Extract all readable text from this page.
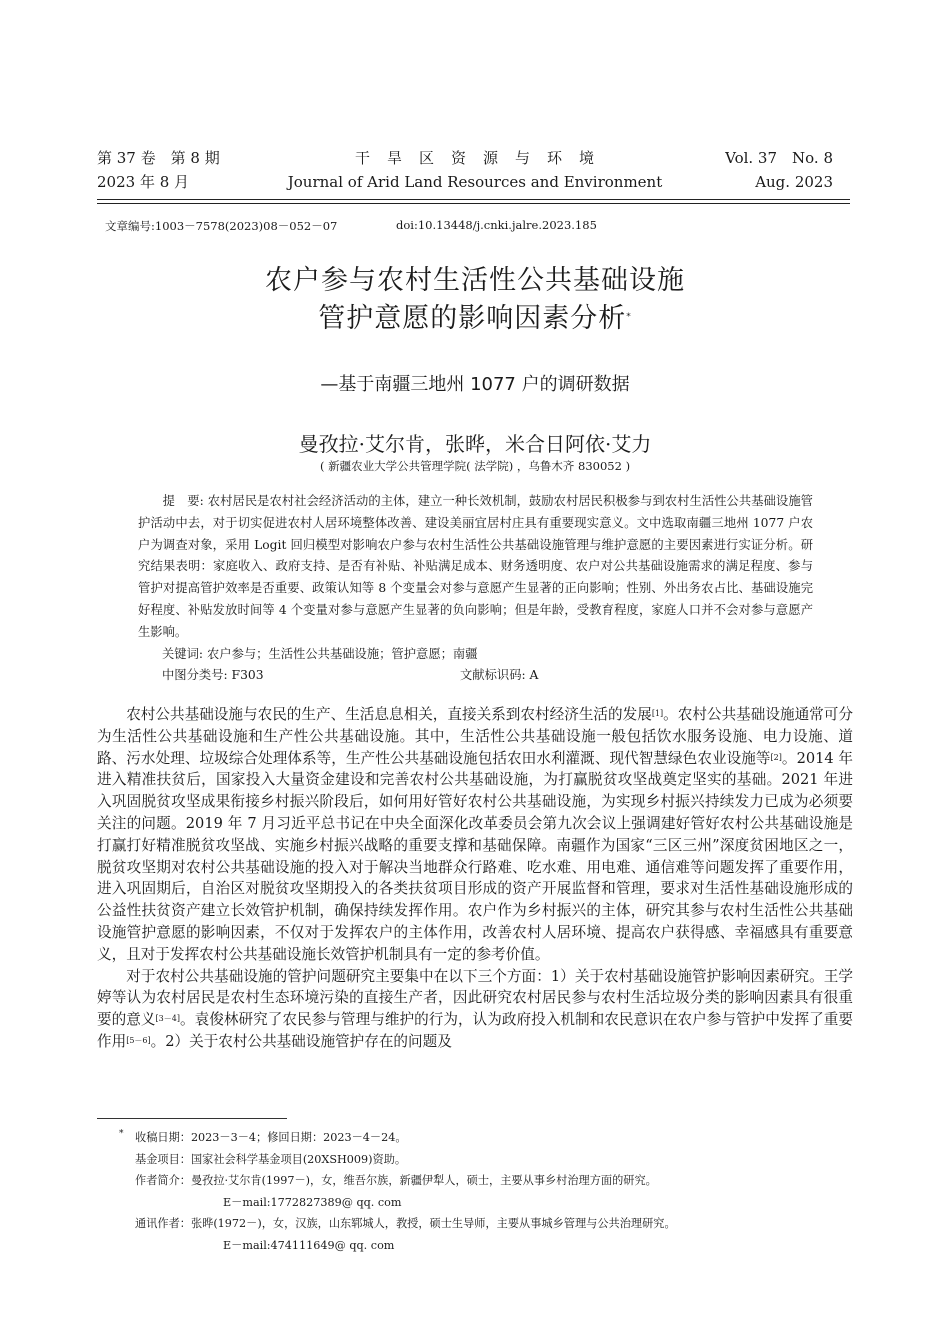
第 37 卷　第 8 期
2023 年 8 月
干　旱　区　资　源　与　环　境
Journal of Arid Land Resources and Environment
Vol. 37　No. 8
Aug. 2023
文章编号:1003－7578(2023)08－052－07	doi:10.13448/j.cnki.jalre.2023.185
农户参与农村生活性公共基础设施
管护意愿的影响因素分析*
—基于南疆三地州 1077 户的调研数据
曼孜拉·艾尔肯，张晔，米合日阿依·艾力
( 新疆农业大学公共管理学院( 法学院) ，乌鲁木齐 830052 )

提　要: 农村居民是农村社会经济活动的主体，建立一种长效机制，鼓励农村居民积极参与到农村生活性公共基础设施管护活动中去，对于切实促进农村人居环境整体改善、建设美丽宜居村庄具有重要现实意义。文中选取南疆三地州 1077 户农户为调查对象，采用 Logit 回归模型对影响农户参与农村生活性公共基础设施管理与维护意愿的主要因素进行实证分析。研究结果表明：家庭收入、政府支持、是否有补贴、补贴满足成本、财务透明度、农户对公共基础设施需求的满足程度、参与管护对提高管护效率是否重要、政策认知等 8 个变量会对参与意愿产生显著的正向影响；性别、外出务农占比、基础设施完好程度、补贴发放时间等 4 个变量对参与意愿产生显著的负向影响；但是年龄，受教育程度，家庭人口并不会对参与意愿产生影响。

关键词: 农户参与；生活性公共基础设施；管护意愿；南疆

中图分类号: F303	文献标识码: A

农村公共基础设施与农民的生产、生活息息相关，直接关系到农村经济生活的发展[1]。农村公共基础设施通常可分为生活性公共基础设施和生产性公共基础设施。其中，生活性公共基础设施一般包括饮水服务设施、电力设施、道路、污水处理、垃圾综合处理体系等，生产性公共基础设施包括农田水利灌溉、现代智慧绿色农业设施等[2]。2014 年进入精准扶贫后，国家投入大量资金建设和完善农村公共基础设施，为打赢脱贫攻坚战奠定坚实的基础。2021 年进入巩固脱贫攻坚成果衔接乡村振兴阶段后，如何用好管好农村公共基础设施，为实现乡村振兴持续发力已成为必须要关注的问题。2019 年 7 月习近平总书记在中央全面深化改革委员会第九次会议上强调建好管好农村公共基础设施是打赢打好精准脱贫攻坚战、实施乡村振兴战略的重要支撑和基础保障。南疆作为国家“三区三州”深度贫困地区之一，脱贫攻坚期对农村公共基础设施的投入对于解决当地群众行路难、吃水难、用电难、通信难等问题发挥了重要作用，进入巩固期后，自治区对脱贫攻坚期投入的各类扶贫项目形成的资产开展监督和管理，要求对生活性基础设施形成的公益性扶贫资产建立长效管护机制，确保持续发挥作用。农户作为乡村振兴的主体，研究其参与农村生活性公共基础设施管护意愿的影响因素，不仅对于发挥农户的主体作用，改善农村人居环境、提高农户获得感、幸福感具有重要意义，且对于发挥农村公共基础设施长效管护机制具有一定的参考价值。

对于农村公共基础设施的管护问题研究主要集中在以下三个方面：1）关于农村基础设施管护影响因素研究。王学婷等认为农村居民是农村生态环境污染的直接生产者，因此研究农村居民参与农村生活垃圾分类的影响因素具有很重要的意义[3－4]。袁俊林研究了农民参与管理与维护的行为，认为政府投入机制和农民意识在农户参与管护中发挥了重要作用[5－6]。2）关于农村公共基础设施管护存在的问题及

* 收稿日期：2023－3－4；修回日期：2023－4－24。
基金项目：国家社会科学基金项目(20XSH009)资助。
作者简介：曼孜拉·艾尔肯(1997－)，女，维吾尔族，新疆伊犁人，硕士，主要从事乡村治理方面的研究。
E－mail:1772827389@ qq. com
通讯作者：张晔(1972－)，女，汉族，山东郓城人，教授，硕士生导师，主要从事城乡管理与公共治理研究。
E－mail:474111649@ qq. com
